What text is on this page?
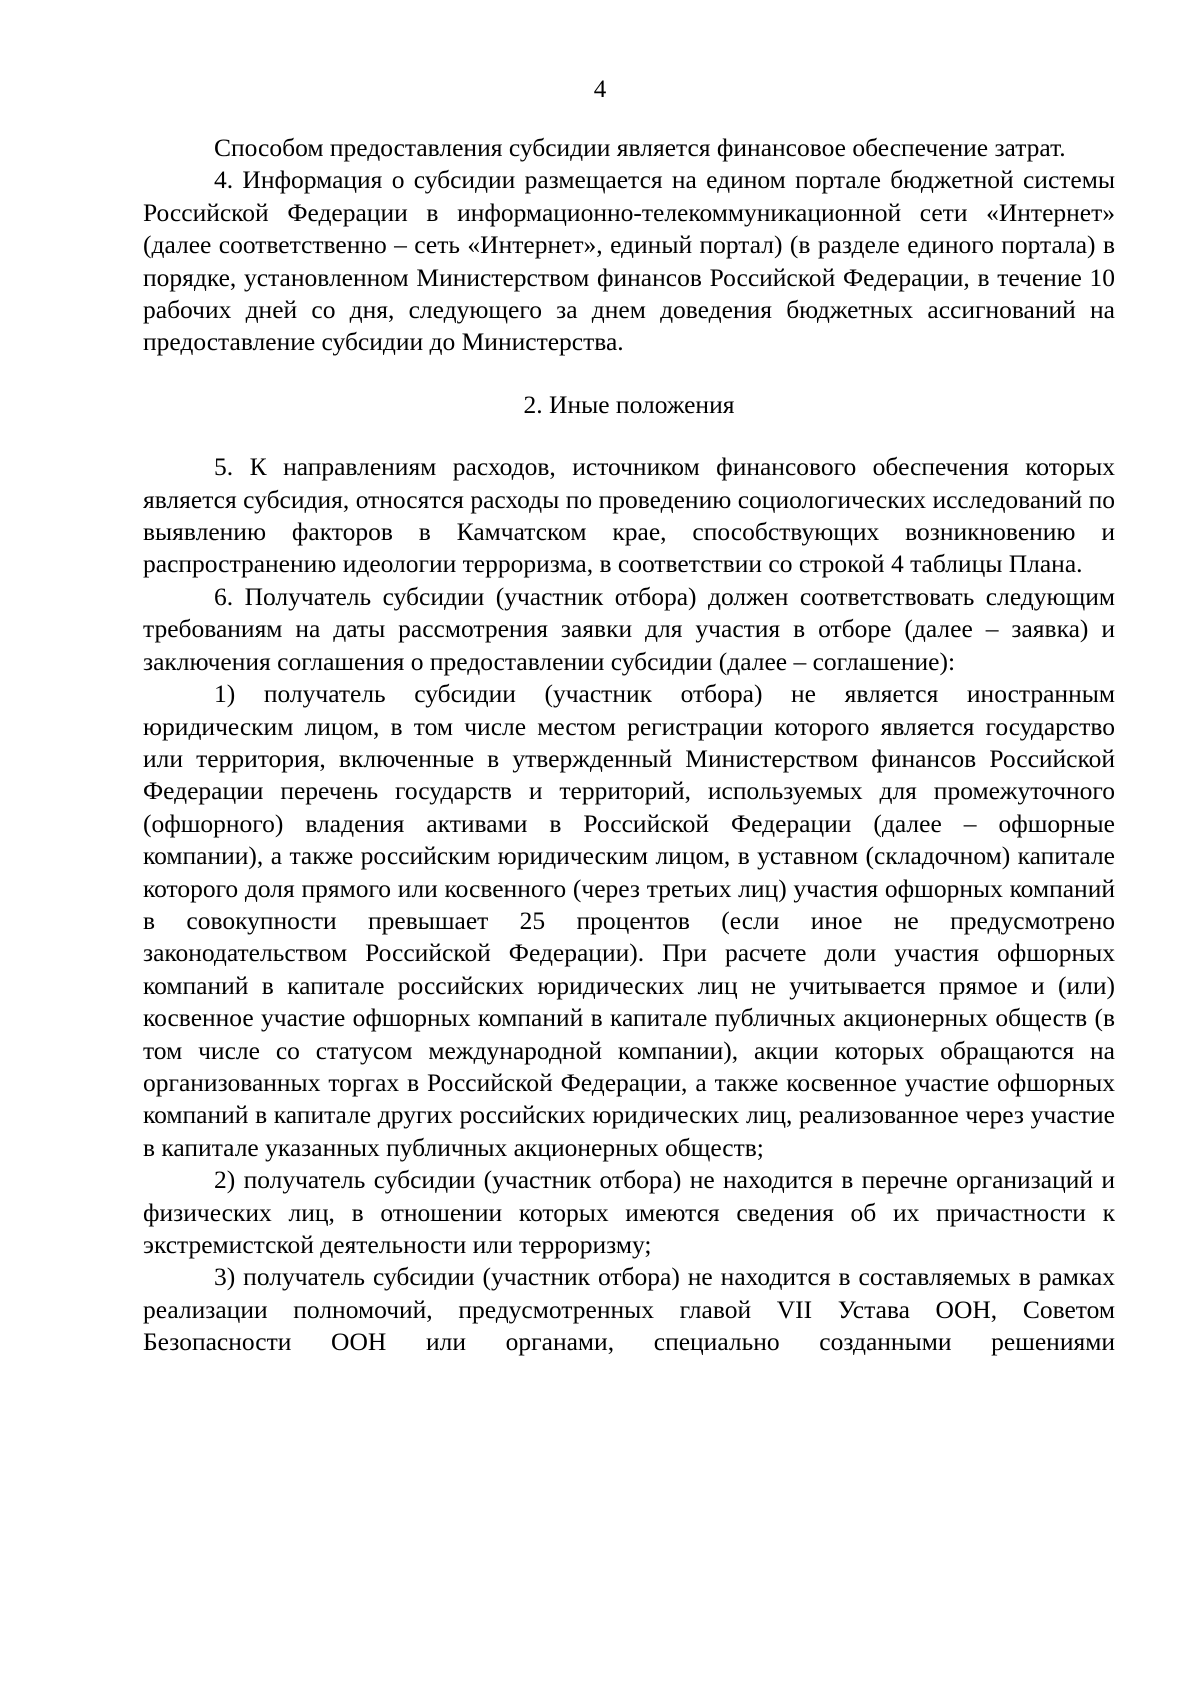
4

Способом предоставления субсидии является финансовое обеспечение затрат.

4. Информация о субсидии размещается на едином портале бюджетной системы Российской Федерации в информационно-телекоммуникационной сети «Интернет» (далее соответственно – сеть «Интернет», единый портал) (в разделе единого портала) в порядке, установленном Министерством финансов Российской Федерации, в течение 10 рабочих дней со дня, следующего за днем доведения бюджетных ассигнований на предоставление субсидии до Министерства.

2. Иные положения

5. К направлениям расходов, источником финансового обеспечения которых является субсидия, относятся расходы по проведению социологических исследований по выявлению факторов в Камчатском крае, способствующих возникновению и распространению идеологии терроризма, в соответствии со строкой 4 таблицы Плана.

6. Получатель субсидии (участник отбора) должен соответствовать следующим требованиям на даты рассмотрения заявки для участия в отборе (далее – заявка) и заключения соглашения о предоставлении субсидии (далее – соглашение):

1) получатель субсидии (участник отбора) не является иностранным юридическим лицом, в том числе местом регистрации которого является государство или территория, включенные в утвержденный Министерством финансов Российской Федерации перечень государств и территорий, используемых для промежуточного (офшорного) владения активами в Российской Федерации (далее – офшорные компании), а также российским юридическим лицом, в уставном (складочном) капитале которого доля прямого или косвенного (через третьих лиц) участия офшорных компаний в совокупности превышает 25 процентов (если иное не предусмотрено законодательством Российской Федерации). При расчете доли участия офшорных компаний в капитале российских юридических лиц не учитывается прямое и (или) косвенное участие офшорных компаний в капитале публичных акционерных обществ (в том числе со статусом международной компании), акции которых обращаются на организованных торгах в Российской Федерации, а также косвенное участие офшорных компаний в капитале других российских юридических лиц, реализованное через участие в капитале указанных публичных акционерных обществ;

2) получатель субсидии (участник отбора) не находится в перечне организаций и физических лиц, в отношении которых имеются сведения об их причастности к экстремистской деятельности или терроризму;

3) получатель субсидии (участник отбора) не находится в составляемых в рамках реализации полномочий, предусмотренных главой VII Устава ООН, Советом Безопасности ООН или органами, специально созданными решениями
